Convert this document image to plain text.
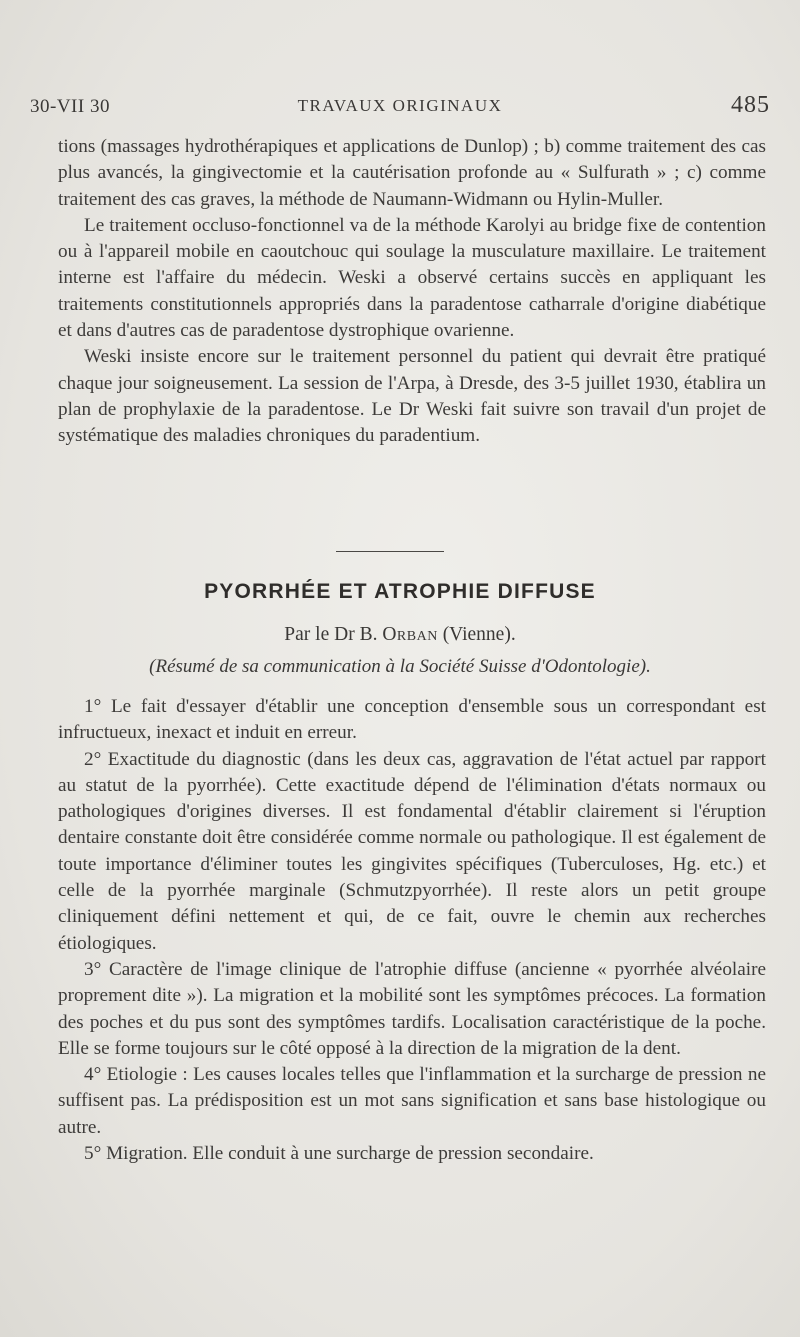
30-VII 30	TRAVAUX ORIGINAUX	485

tions (massages hydrothérapiques et applications de Dunlop) ; b) comme traitement des cas plus avancés, la gingivectomie et la cautérisation profonde au « Sulfurath » ; c) comme traitement des cas graves, la méthode de Naumann-Widmann ou Hylin-Muller.

Le traitement occluso-fonctionnel va de la méthode Karolyi au bridge fixe de contention ou à l'appareil mobile en caoutchouc qui soulage la musculature maxillaire. Le traitement interne est l'affaire du médecin. Weski a observé certains succès en appliquant les traitements constitutionnels appropriés dans la paradentose catharrale d'origine diabétique et dans d'autres cas de paradentose dystrophique ovarienne.

Weski insiste encore sur le traitement personnel du patient qui devrait être pratiqué chaque jour soigneusement. La session de l'Arpa, à Dresde, des 3-5 juillet 1930, établira un plan de prophylaxie de la paradentose. Le Dr Weski fait suivre son travail d'un projet de systématique des maladies chroniques du paradentium.

PYORRHÉE ET ATROPHIE DIFFUSE
Par le Dr B. Orban (Vienne).
(Résumé de sa communication à la Société Suisse d'Odontologie).

1° Le fait d'essayer d'établir une conception d'ensemble sous un correspondant est infructueux, inexact et induit en erreur.

2° Exactitude du diagnostic (dans les deux cas, aggravation de l'état actuel par rapport au statut de la pyorrhée). Cette exactitude dépend de l'élimination d'états normaux ou pathologiques d'origines diverses. Il est fondamental d'établir clairement si l'éruption dentaire constante doit être considérée comme normale ou pathologique. Il est également de toute importance d'éliminer toutes les gingivites spécifiques (Tuberculoses, Hg. etc.) et celle de la pyorrhée marginale (Schmutzpyorrhée). Il reste alors un petit groupe cliniquement défini nettement et qui, de ce fait, ouvre le chemin aux recherches étiologiques.

3° Caractère de l'image clinique de l'atrophie diffuse (ancienne « pyorrhée alvéolaire proprement dite »). La migration et la mobilité sont les symptômes précoces. La formation des poches et du pus sont des symptômes tardifs. Localisation caractéristique de la poche. Elle se forme toujours sur le côté opposé à la direction de la migration de la dent.

4° Etiologie : Les causes locales telles que l'inflammation et la surcharge de pression ne suffisent pas. La prédisposition est un mot sans signification et sans base histologique ou autre.

5° Migration. Elle conduit à une surcharge de pression secondaire.
